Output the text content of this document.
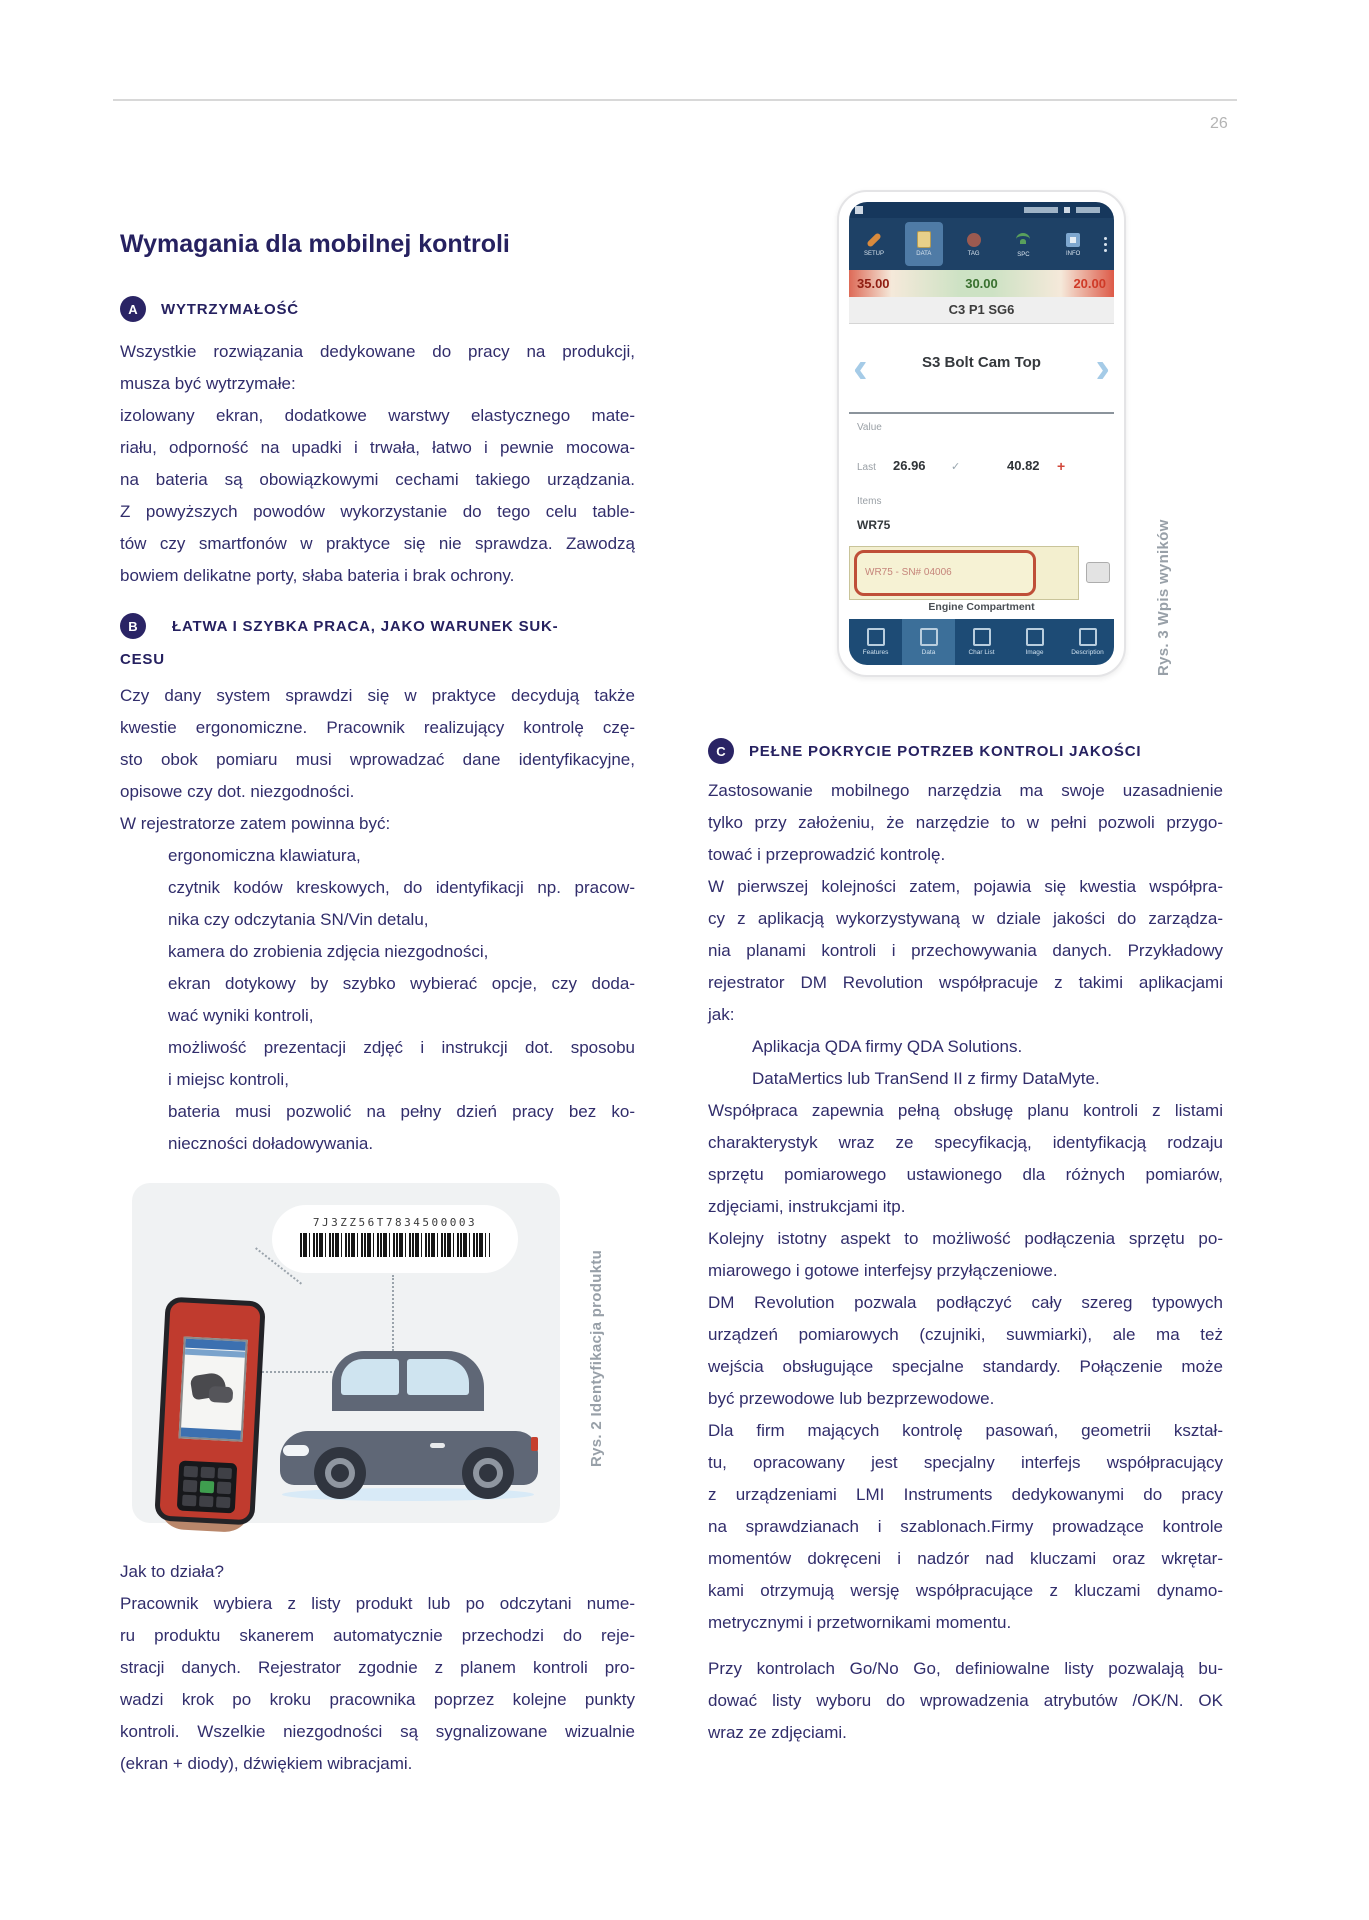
26
Wymagania dla mobilnej kontroli
A	WYTRZYMAŁOŚĆ
Wszystkie rozwiązania dedykowane do pracy na produkcji,
musza być wytrzymałe:
izolowany ekran, dodatkowe warstwy elastycznego mate-
riału, odporność na upadki i trwała, łatwo i pewnie mocowa-
na bateria są obowiązkowymi cechami takiego urządzania.
Z powyższych powodów wykorzystanie do tego celu table-
tów czy smartfonów w praktyce się nie sprawdza. Zawodzą
bowiem delikatne porty, słaba bateria i brak ochrony.
B	ŁATWA I SZYBKA PRACA, JAKO WARUNEK SUK-
CESU
Czy dany system sprawdzi się w praktyce decydują także
kwestie ergonomiczne. Pracownik realizujący kontrolę czę-
sto obok pomiaru musi wprowadzać dane identyfikacyjne,
opisowe czy dot. niezgodności.
W rejestratorze zatem powinna być:
ergonomiczna klawiatura,
czytnik kodów kreskowych, do identyfikacji np. pracow-
nika czy odczytania SN/Vin detalu,
kamera do zrobienia zdjęcia niezgodności,
ekran dotykowy by szybko wybierać opcje, czy doda-
wać wyniki kontroli,
możliwość prezentacji zdjęć i instrukcji dot. sposobu
i miejsc kontroli,
bateria musi pozwolić na pełny dzień pracy bez ko-
nieczności doładowywania.
7J3ZZ56T7834500003
Rys. 2 Identyfikacja produktu
Jak to działa?
Pracownik wybiera z listy produkt lub po odczytani nume-
ru produktu skanerem automatycznie przechodzi do reje-
stracji danych. Rejestrator zgodnie z planem kontroli pro-
wadzi krok po kroku pracownika poprzez kolejne punkty
kontroli. Wszelkie niezgodności są sygnalizowane wizualnie
(ekran + diody), dźwiękiem wibracjami.
SETUP	DATA	TAG	SPC	INFO
35.00	30.00	20.00
C3 P1 SG6
‹	›
S3 Bolt Cam Top
Value
Last 26.96 ✓	40.82 +
Items
WR75
WR75 - SN# 04006
Engine Compartment
Features	Data	Char List	Image	Description	Rys. 3 Wpis wyników
C	PEŁNE POKRYCIE POTRZEB KONTROLI JAKOŚCI
Zastosowanie mobilnego narzędzia ma swoje uzasadnienie
tylko przy założeniu, że narzędzie to w pełni pozwoli przygo-
tować i przeprowadzić kontrolę.
W pierwszej kolejności zatem, pojawia się kwestia współpra-
cy z aplikacją wykorzystywaną w dziale jakości do zarządza-
nia planami kontroli i przechowywania danych. Przykładowy
rejestrator DM Revolution współpracuje z takimi aplikacjami
jak:
Aplikacja QDA firmy QDA Solutions.
DataMertics lub TranSend II z firmy DataMyte.
Współpraca zapewnia pełną obsługę planu kontroli z listami
charakterystyk wraz ze specyfikacją, identyfikacją rodzaju
sprzętu pomiarowego ustawionego dla różnych pomiarów,
zdjęciami, instrukcjami itp.
Kolejny istotny aspekt to możliwość podłączenia sprzętu po-
miarowego i gotowe interfejsy przyłączeniowe.
DM Revolution pozwala podłączyć cały szereg typowych
urządzeń pomiarowych (czujniki, suwmiarki), ale ma też
wejścia obsługujące specjalne standardy. Połączenie może
być przewodowe lub bezprzewodowe.
Dla firm mających kontrolę pasowań, geometrii kształ-
tu, opracowany jest specjalny interfejs współpracujący
z urządzeniami LMI Instruments dedykowanymi do pracy
na sprawdzianach i szablonach.Firmy prowadzące kontrole
momentów dokręceni i nadzór nad kluczami oraz wkrętar-
kami otrzymują wersję współpracujące z kluczami dynamo-
metrycznymi i przetwornikami momentu.
Przy kontrolach Go/No Go, definiowalne listy pozwalają bu-
dować listy wyboru do wprowadzenia atrybutów /OK/N. OK
wraz ze zdjęciami.
